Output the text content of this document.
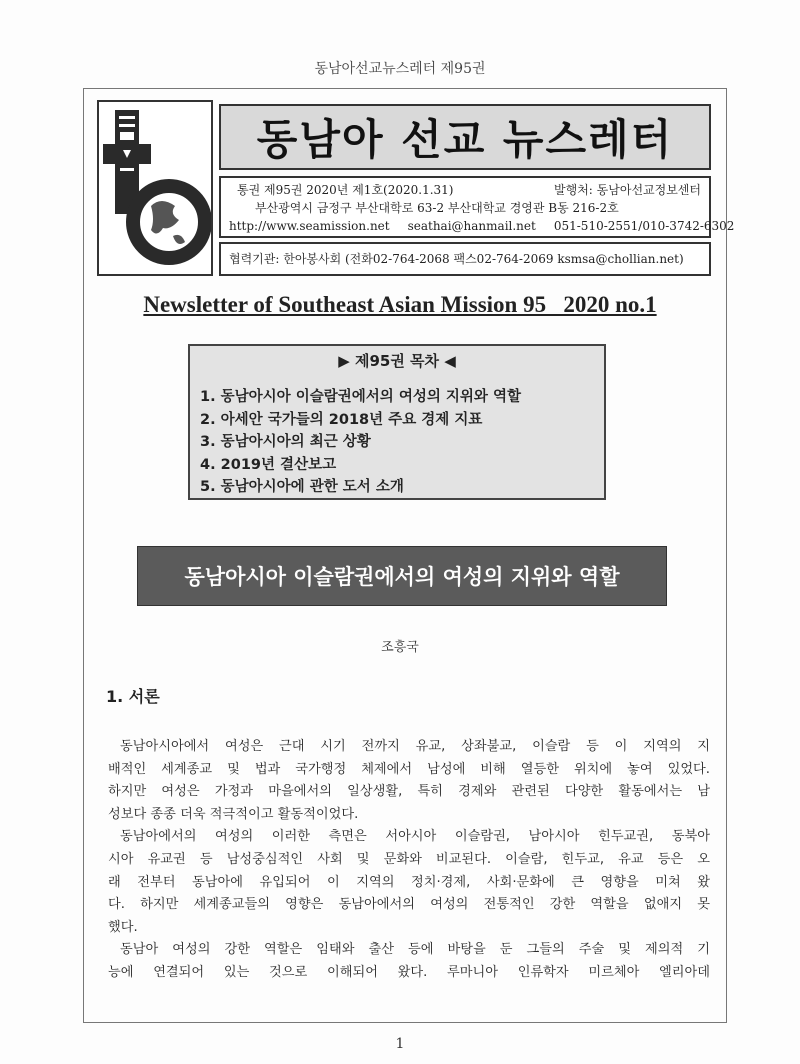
동남아선교뉴스레터 제95권
동남아 선교 뉴스레터
통권 제95권 2020년 제1호(2020.1.31)	발행처: 동남아선교정보센터
부산광역시 금정구 부산대학로 63-2 부산대학교 경영관 B동 216-2호
http://www.seamission.net seathai@hanmail.net 051-510-2551/010-3742-6302
협력기관: 한아봉사회 (전화02-764-2068 팩스02-764-2069 ksmsa@chollian.net)
Newsletter of Southeast Asian Mission 95   2020 no.1
▶ 제95권 목차 ◀
1. 동남아시아 이슬람권에서의 여성의 지위와 역할
2. 아세안 국가들의 2018년 주요 경제 지표
3. 동남아시아의 최근 상황
4. 2019년 결산보고
5. 동남아시아에 관한 도서 소개
동남아시아 이슬람권에서의 여성의 지위와 역할
조흥국
1. 서론
동남아시아에서 여성은 근대 시기 전까지 유교, 상좌불교, 이슬람 등 이 지역의 지
배적인 세계종교 및 법과 국가행정 체제에서 남성에 비해 열등한 위치에 놓여 있었다.
하지만 여성은 가정과 마을에서의 일상생활, 특히 경제와 관련된 다양한 활동에서는 남
성보다 종종 더욱 적극적이고 활동적이었다.
동남아에서의 여성의 이러한 측면은 서아시아 이슬람권, 남아시아 힌두교권, 동북아
시아 유교권 등 남성중심적인 사회 및 문화와 비교된다. 이슬람, 힌두교, 유교 등은 오
래 전부터 동남아에 유입되어 이 지역의 정치·경제, 사회·문화에 큰 영향을 미쳐 왔
다. 하지만 세계종교들의 영향은 동남아에서의 여성의 전통적인 강한 역할을 없애지 못
했다.
동남아 여성의 강한 역할은 임태와 출산 등에 바탕을 둔 그들의 주술 및 제의적 기
능에 연결되어 있는 것으로 이해되어 왔다. 루마니아 인류학자 미르체아 엘리아데
1
